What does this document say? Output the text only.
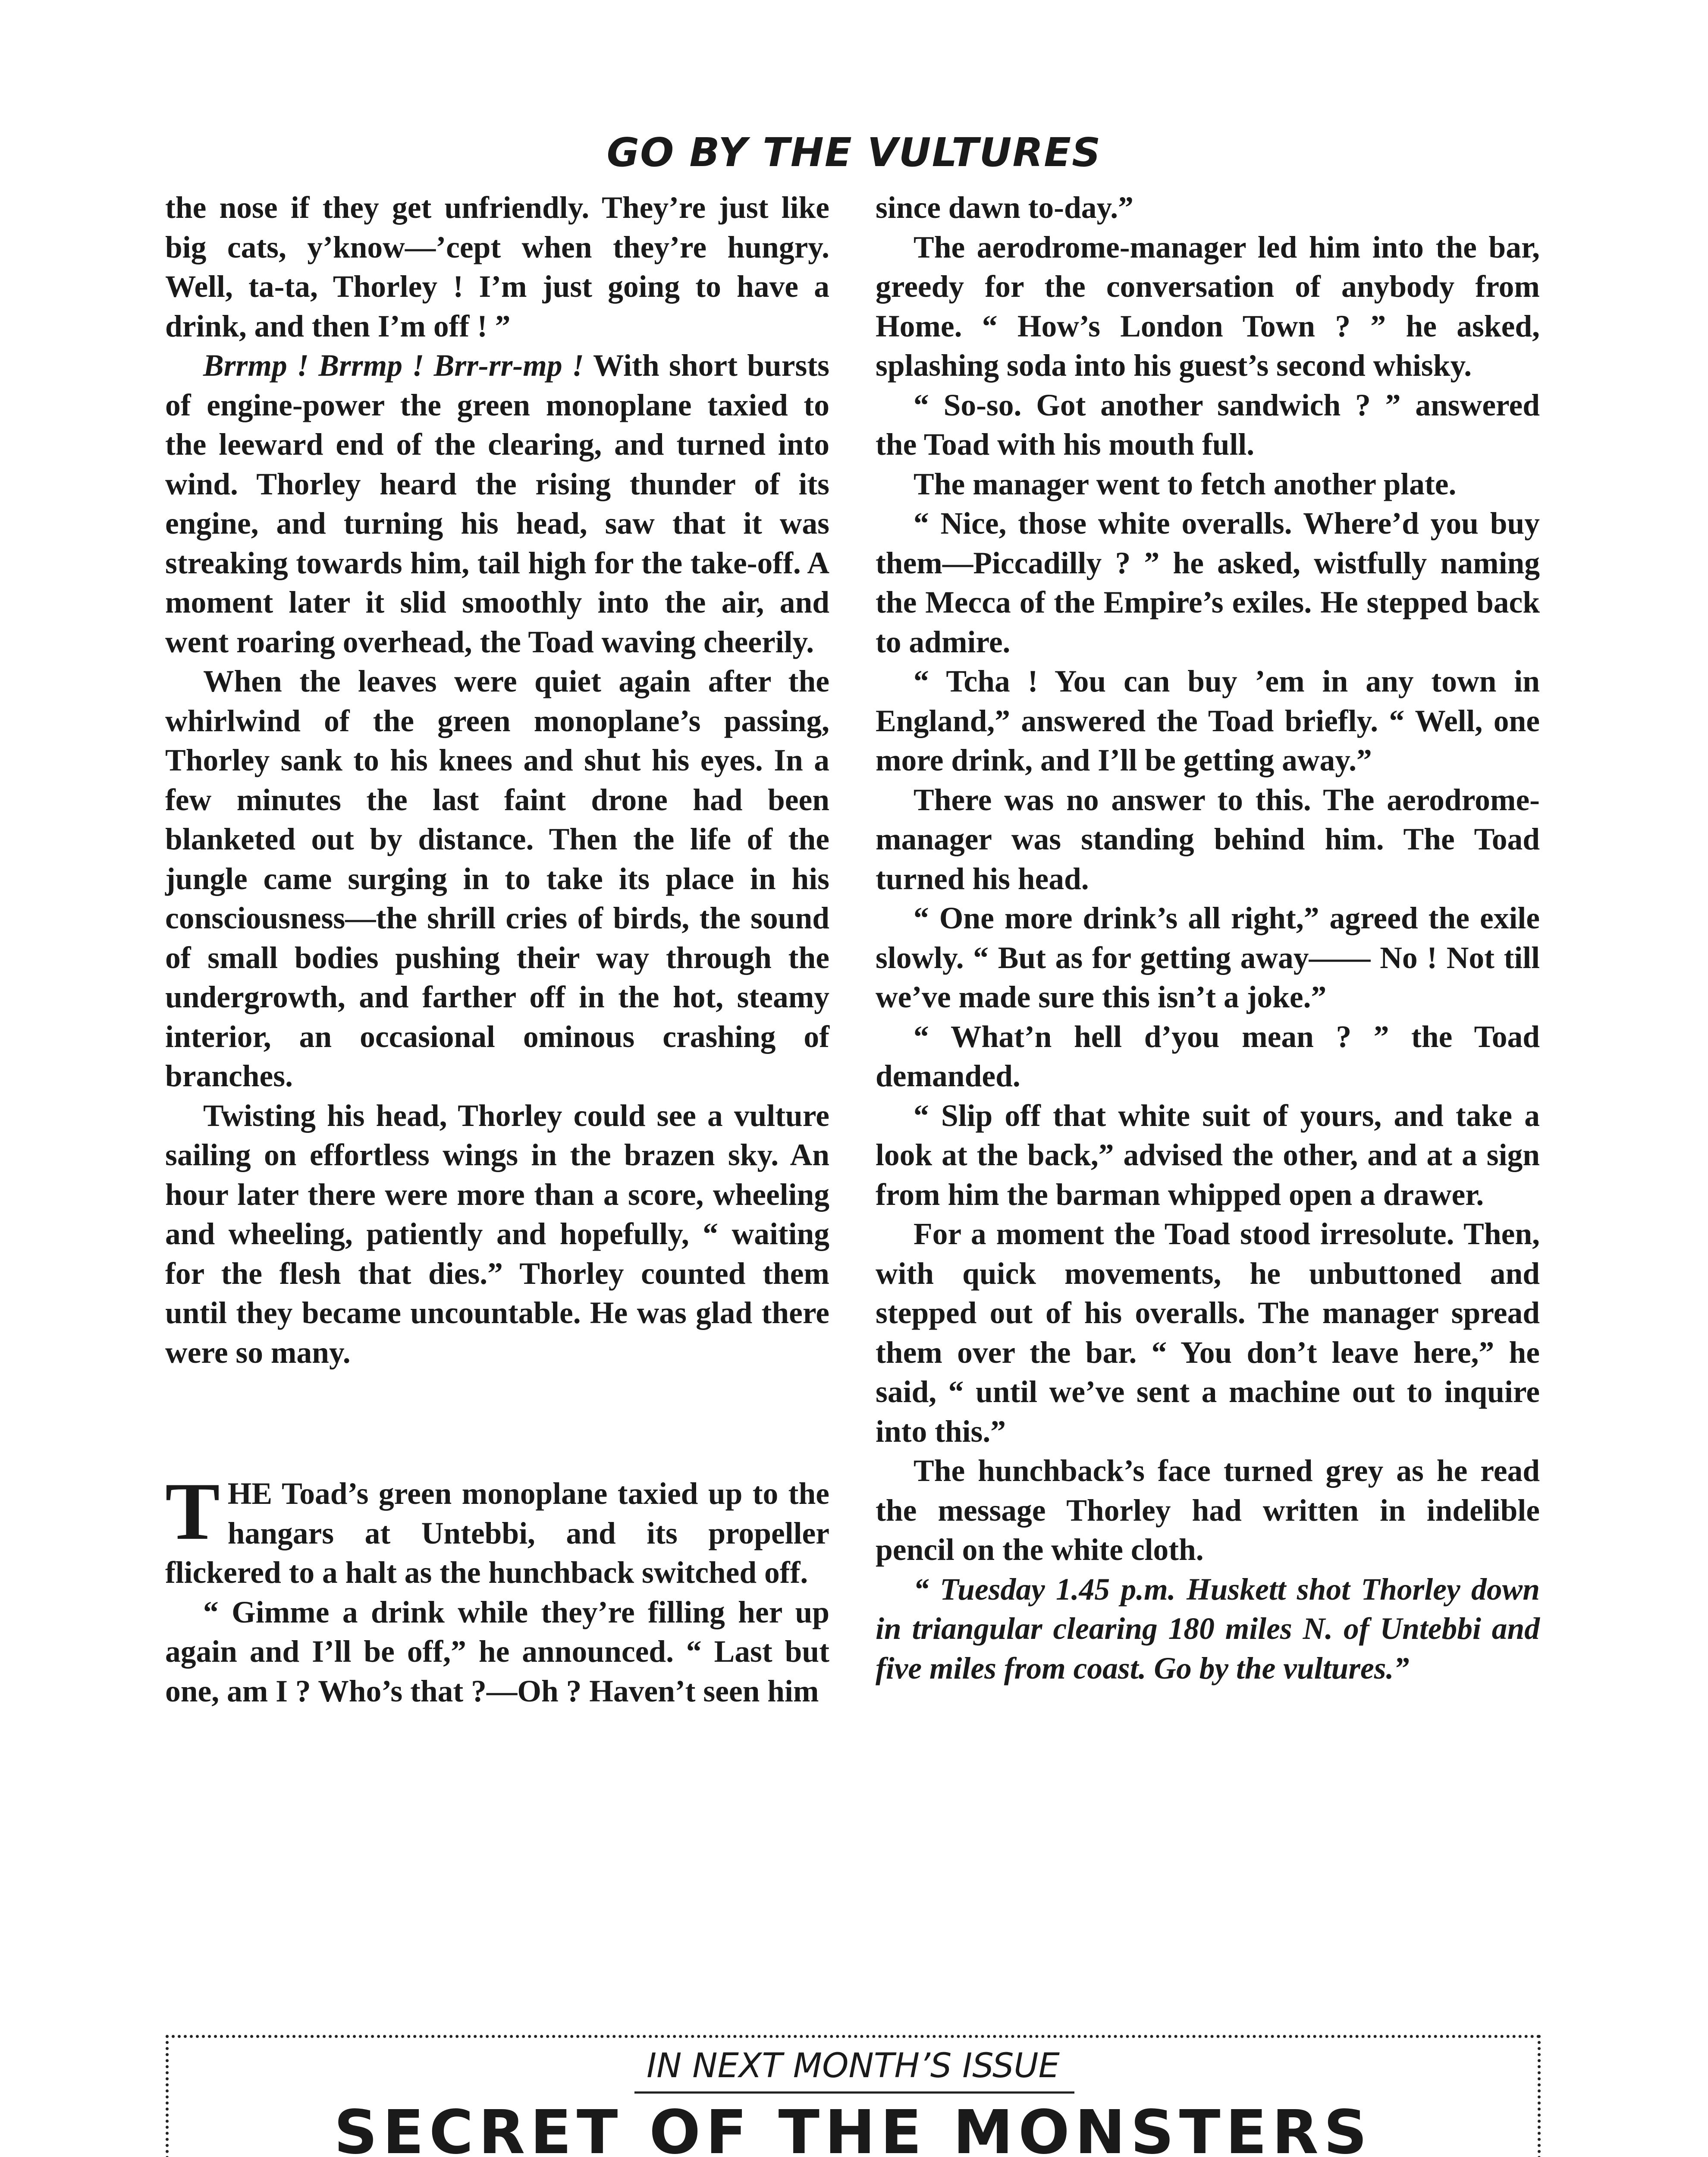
GO BY THE VULTURES

the nose if they get unfriendly. They’re just like big cats, y’know—’cept when they’re hungry. Well, ta-ta, Thorley ! I’m just going to have a drink, and then I’m off ! ”

Brrmp ! Brrmp ! Brr-rr-mp ! With short bursts of engine-power the green monoplane taxied to the leeward end of the clearing, and turned into wind. Thorley heard the rising thunder of its engine, and turning his head, saw that it was streaking towards him, tail high for the take-off. A moment later it slid smoothly into the air, and went roaring overhead, the Toad waving cheerily.

When the leaves were quiet again after the whirlwind of the green monoplane’s passing, Thorley sank to his knees and shut his eyes. In a few minutes the last faint drone had been blanketed out by distance. Then the life of the jungle came surging in to take its place in his consciousness—the shrill cries of birds, the sound of small bodies pushing their way through the undergrowth, and farther off in the hot, steamy interior, an occasional ominous crashing of branches.

Twisting his head, Thorley could see a vulture sailing on effortless wings in the brazen sky. An hour later there were more than a score, wheeling and wheeling, patiently and hopefully, “ waiting for the flesh that dies.” Thorley counted them until they became uncountable. He was glad there were so many.

THE Toad’s green monoplane taxied up to the hangars at Untebbi, and its propeller flickered to a halt as the hunchback switched off.

“ Gimme a drink while they’re filling her up again and I’ll be off,” he announced. “ Last but one, am I ? Who’s that ?—Oh ? Haven’t seen him

since dawn to-day.”

The aerodrome-manager led him into the bar, greedy for the conversation of anybody from Home. “ How’s London Town ? ” he asked, splashing soda into his guest’s second whisky.

“ So-so. Got another sandwich ? ” answered the Toad with his mouth full.

The manager went to fetch another plate.

“ Nice, those white overalls. Where’d you buy them—Piccadilly ? ” he asked, wistfully naming the Mecca of the Empire’s exiles. He stepped back to admire.

“ Tcha ! You can buy ’em in any town in England,” answered the Toad briefly. “ Well, one more drink, and I’ll be getting away.”

There was no answer to this. The aerodrome-manager was standing behind him. The Toad turned his head.

“ One more drink’s all right,” agreed the exile slowly. “ But as for getting away—— No ! Not till we’ve made sure this isn’t a joke.”

“ What’n hell d’you mean ? ” the Toad demanded.

“ Slip off that white suit of yours, and take a look at the back,” advised the other, and at a sign from him the barman whipped open a drawer.

For a moment the Toad stood irresolute. Then, with quick movements, he unbuttoned and stepped out of his overalls. The manager spread them over the bar. “ You don’t leave here,” he said, “ until we’ve sent a machine out to inquire into this.”

The hunchback’s face turned grey as he read the message Thorley had written in indelible pencil on the white cloth.

“ Tuesday 1.45 p.m. Huskett shot Thorley down in triangular clearing 180 miles N. of Untebbi and five miles from coast. Go by the vultures.”

IN NEXT MONTH’S ISSUE
SECRET OF THE MONSTERS
